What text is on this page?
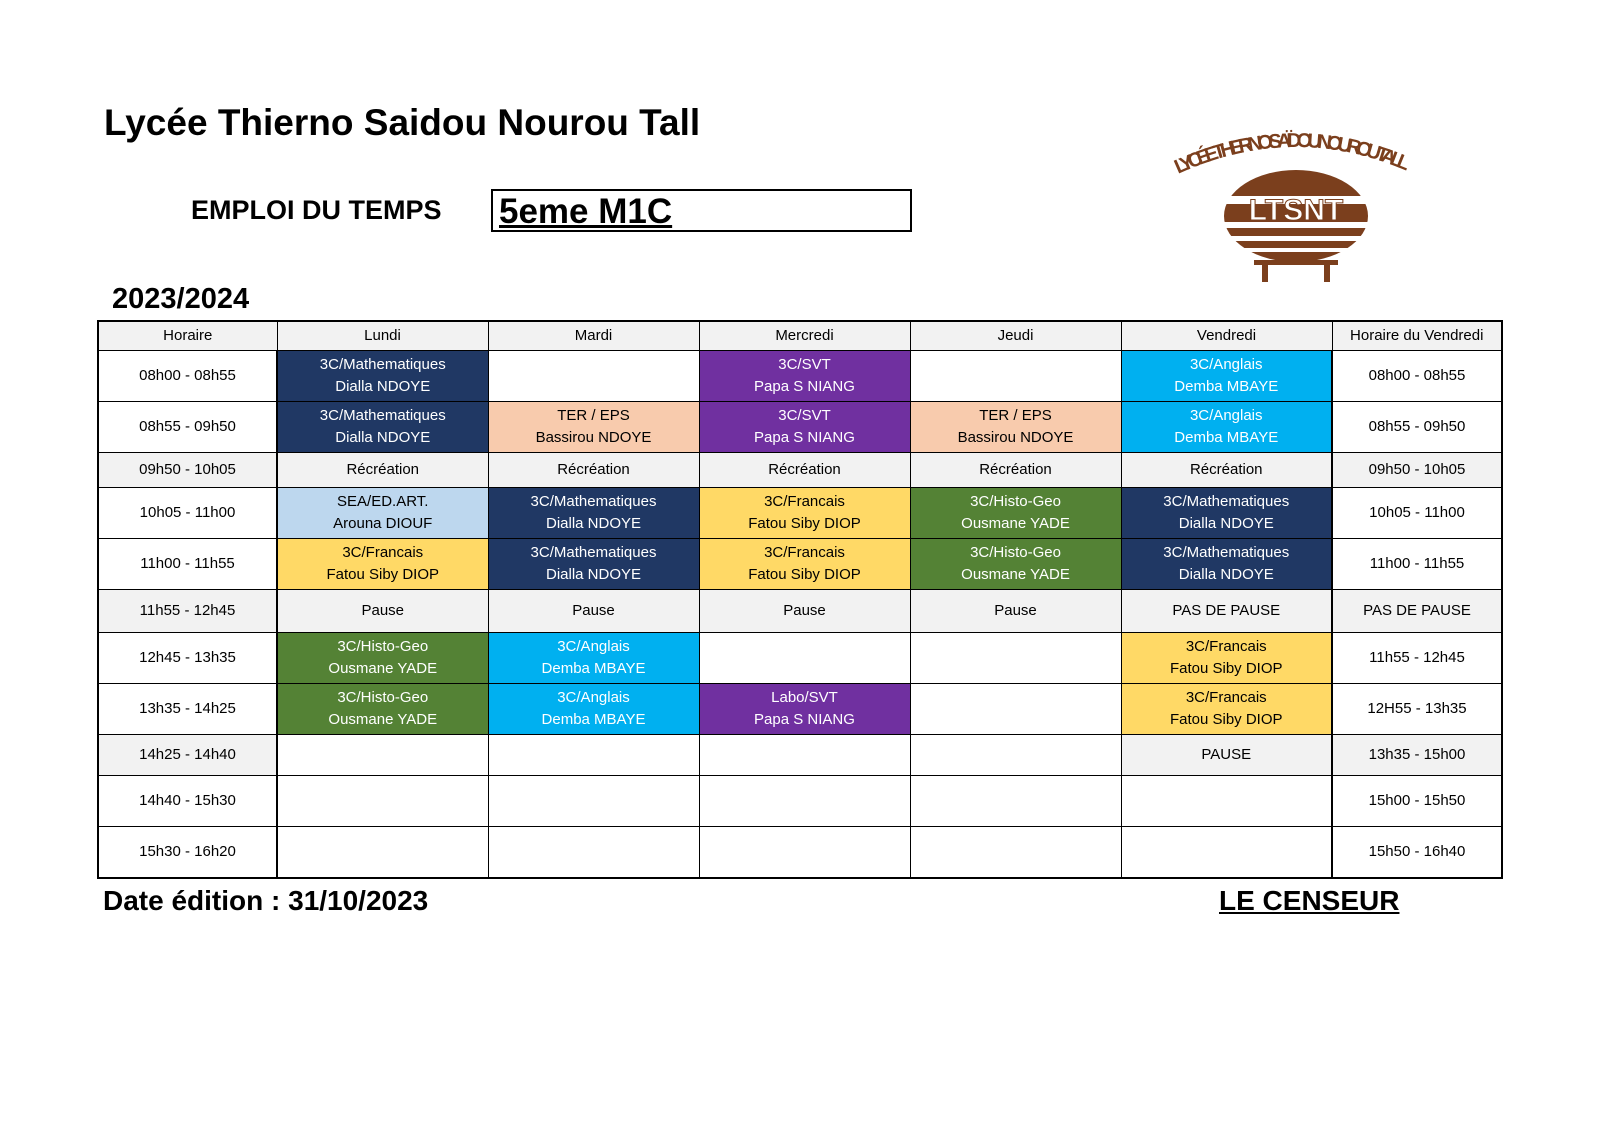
Lycée Thierno Saidou Nourou Tall
EMPLOI DU TEMPS 5eme M1C
2023/2024
LYCÉE THIERNO SAÏDOU NOUROU TALL
LTSNT
Horaire	Lundi	Mardi	Mercredi	Jeudi	Vendredi	Horaire du Vendredi
08h00 - 08h55	3C/Mathematiques
Dialla NDOYE		3C/SVT
Papa S NIANG		3C/Anglais
Demba MBAYE	08h00 - 08h55
08h55 - 09h50	3C/Mathematiques
Dialla NDOYE	TER / EPS
Bassirou NDOYE	3C/SVT
Papa S NIANG	TER / EPS
Bassirou NDOYE	3C/Anglais
Demba MBAYE	08h55 - 09h50
09h50 - 10h05	Récréation	Récréation	Récréation	Récréation	Récréation	09h50 - 10h05
10h05 - 11h00	SEA/ED.ART.
Arouna DIOUF	3C/Mathematiques
Dialla NDOYE	3C/Francais
Fatou Siby DIOP	3C/Histo-Geo
Ousmane YADE	3C/Mathematiques
Dialla NDOYE	10h05 - 11h00
11h00 - 11h55	3C/Francais
Fatou Siby DIOP	3C/Mathematiques
Dialla NDOYE	3C/Francais
Fatou Siby DIOP	3C/Histo-Geo
Ousmane YADE	3C/Mathematiques
Dialla NDOYE	11h00 - 11h55
11h55 - 12h45	Pause	Pause	Pause	Pause	PAS DE PAUSE	PAS DE PAUSE
12h45 - 13h35	3C/Histo-Geo
Ousmane YADE	3C/Anglais
Demba MBAYE			3C/Francais
Fatou Siby DIOP	11h55 - 12h45
13h35 - 14h25	3C/Histo-Geo
Ousmane YADE	3C/Anglais
Demba MBAYE	Labo/SVT
Papa S NIANG		3C/Francais
Fatou Siby DIOP	12H55 - 13h35
14h25 - 14h40					PAUSE	13h35 - 15h00
14h40 - 15h30						15h00 - 15h50
15h30 - 16h20						15h50 - 16h40
Date édition : 31/10/2023	LE CENSEUR
